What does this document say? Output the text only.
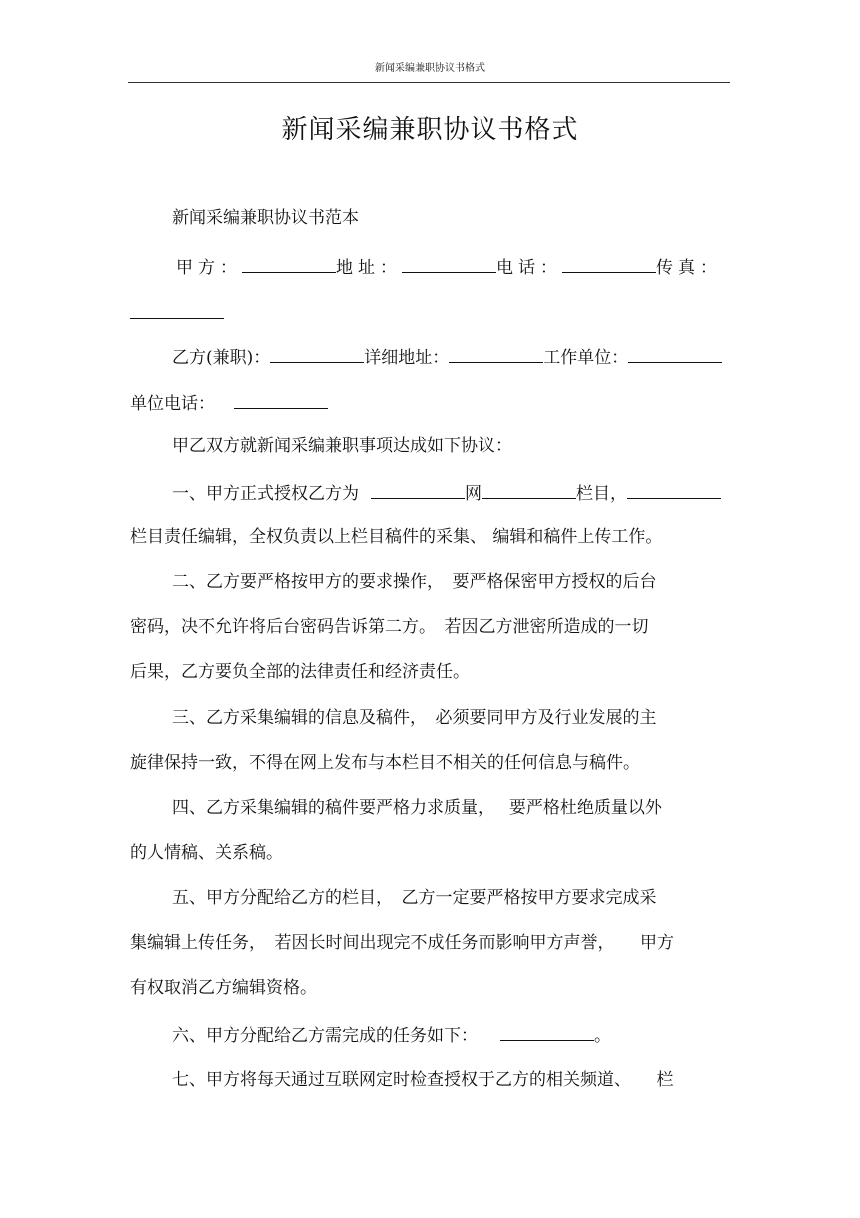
新闻采编兼职协议书格式
新闻采编兼职协议书格式
新闻采编兼职协议书范本
甲方：	地址：	电话：	传真：
乙方(兼职)：	详细地址：	工作单位：
单位电话：
甲乙双方就新闻采编兼职事项达成如下协议：
一、甲方正式授权乙方为	网	栏目，
栏目责任编辑，全权负责以上栏目稿件的采集、 编辑和稿件上传工作。
二、乙方要严格按甲方的要求操作，　要严格保密甲方授权的后台
密码，决不允许将后台密码告诉第二方。　若因乙方泄密所造成的一切
后果，乙方要负全部的法律责任和经济责任。
三、乙方采集编辑的信息及稿件，　必须要同甲方及行业发展的主
旋律保持一致，不得在网上发布与本栏目不相关的任何信息与稿件。
四、乙方采集编辑的稿件要严格力求质量，　 要严格杜绝质量以外
的人情稿、关系稿。
五、甲方分配给乙方的栏目，　乙方一定要严格按甲方要求完成采
集编辑上传任务，　若因长时间出现完不成任务而影响甲方声誉，　　甲方
有权取消乙方编辑资格。
六、甲方分配给乙方需完成的任务如下：	。
七、甲方将每天通过互联网定时检查授权于乙方的相关频道、　　栏
